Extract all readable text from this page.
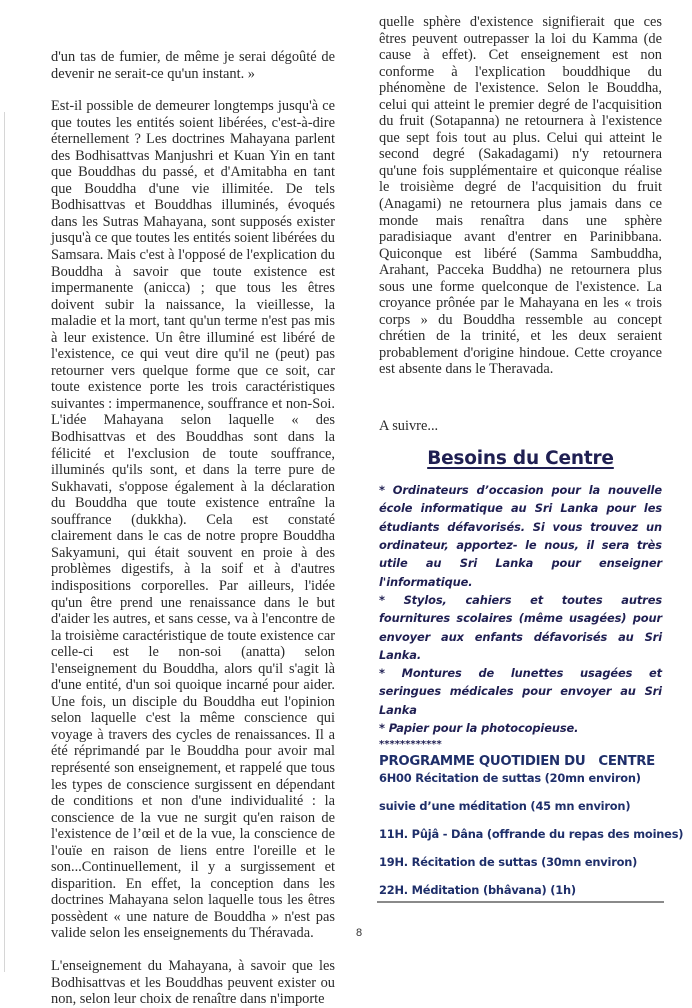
d'un tas de fumier, de même je serai dégoûté de devenir ne serait-ce qu'un instant. »

Est-il possible de demeurer longtemps jusqu'à ce que toutes les entités soient libérées, c'est-à-dire éternellement ? Les doctrines Mahayana parlent des Bodhisattvas Manjushri et Kuan Yin en tant que Bouddhas du passé, et d'Amitabha en tant que Bouddha d'une vie illimitée. De tels Bodhisattvas et Bouddhas illuminés, évoqués dans les Sutras Mahayana, sont supposés exister jusqu'à ce que toutes les entités soient libérées du Samsara. Mais c'est à l'opposé de l'explication du Bouddha à savoir que toute existence est impermanente (anicca) ; que tous les êtres doivent subir la naissance, la vieillesse, la maladie et la mort, tant qu'un terme n'est pas mis à leur existence. Un être illuminé est libéré de l'existence, ce qui veut dire qu'il ne (peut) pas retourner vers quelque forme que ce soit, car toute existence porte les trois caractéristiques suivantes : impermanence, souffrance et non-Soi. L'idée Mahayana selon laquelle « des Bodhisattvas et des Bouddhas sont dans la félicité et l'exclusion de toute souffrance, illuminés qu'ils sont, et dans la terre pure de Sukhavati, s'oppose également à la déclaration du Bouddha que toute existence entraîne la souffrance (dukkha). Cela est constaté clairement dans le cas de notre propre Bouddha Sakyamuni, qui était souvent en proie à des problèmes digestifs, à la soif et à d'autres indispositions corporelles. Par ailleurs, l'idée qu'un être prend une renaissance dans le but d'aider les autres, et sans cesse, va à l'encontre de la troisième caractéristique de toute existence car celle-ci est le non-soi (anatta) selon l'enseignement du Bouddha, alors qu'il s'agit là d'une entité, d'un soi quoique incarné pour aider. Une fois, un disciple du Bouddha eut l'opinion selon laquelle c'est la même conscience qui voyage à travers des cycles de renaissances. Il a été réprimandé par le Bouddha pour avoir mal représenté son enseignement, et rappelé que tous les types de conscience surgissent en dépendant de conditions et non d'une individualité : la conscience de la vue ne surgit qu'en raison de l'existence de l’œil et de la vue, la conscience de l'ouïe en raison de liens entre l'oreille et le son...Continuellement, il y a surgissement et disparition. En effet, la conception dans les doctrines Mahayana selon laquelle tous les êtres possèdent « une nature de Bouddha » n'est pas valide selon les enseignements du Théravada.

L'enseignement du Mahayana, à savoir que les Bodhisattvas et les Bouddhas peuvent exister ou non, selon leur choix de renaître dans n'importe

quelle sphère d'existence signifierait que ces êtres peuvent outrepasser la loi du Kamma (de cause à effet). Cet enseignement est non conforme à l'explication bouddhique du phénomène de l'existence. Selon le Bouddha, celui qui atteint le premier degré de l'acquisition du fruit (Sotapanna) ne retournera à l'existence que sept fois tout au plus. Celui qui atteint le second degré (Sakadagami) n'y retournera qu'une fois supplémentaire et quiconque réalise le troisième degré de l'acquisition du fruit (Anagami) ne retournera plus jamais dans ce monde mais renaîtra dans une sphère paradisiaque avant d'entrer en Parinibbana. Quiconque est libéré (Samma Sambuddha, Arahant, Pacceka Buddha) ne retournera plus sous une forme quelconque de l'existence. La croyance prônée par le Mahayana en les « trois corps » du Bouddha ressemble au concept chrétien de la trinité, et les deux seraient probablement d'origine hindoue. Cette croyance est absente dans le Theravada.

A suivre...

Besoins du Centre

* Ordinateurs d’occasion pour la nouvelle école informatique au Sri Lanka pour les étudiants défavorisés. Si vous trouvez un ordinateur, apportez- le nous, il sera très utile au Sri Lanka pour enseigner l'informatique.

* Stylos, cahiers et toutes autres fournitures scolaires (même usagées) pour envoyer aux enfants défavorisés au Sri Lanka.

* Montures de lunettes usagées et seringues médicales pour envoyer au Sri Lanka

* Papier pour la photocopieuse.

************

PROGRAMME QUOTIDIEN DU   CENTRE

6H00 Récitation de suttas (20mn environ)

suivie d’une méditation (45 mn environ)

11H. Pûjâ - Dâna (offrande du repas des moines)

19H. Récitation de suttas (30mn environ)

22H. Méditation (bhâvana) (1h)

8
